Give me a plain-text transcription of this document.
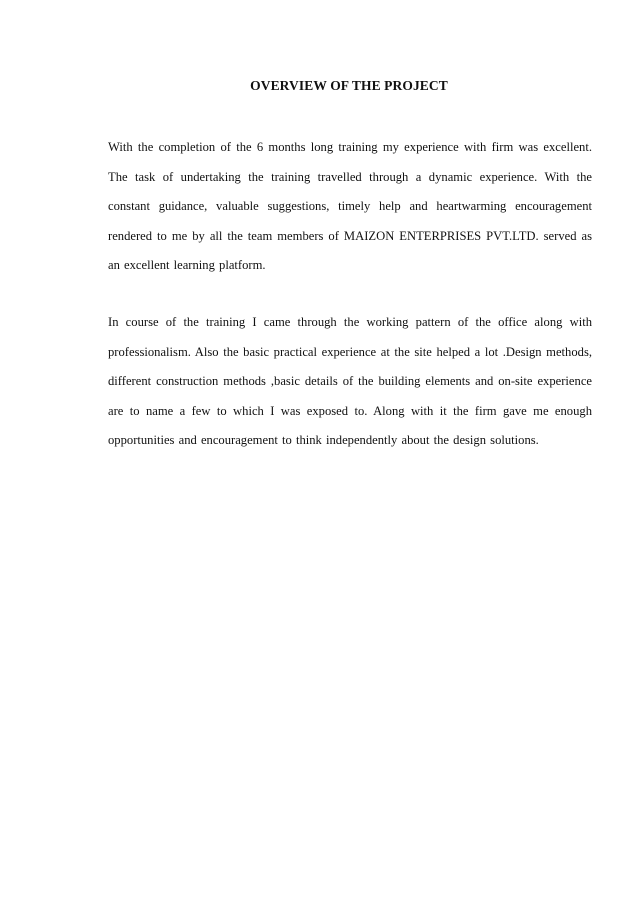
OVERVIEW OF THE PROJECT
With the completion of the 6 months long training my experience with firm was excellent.
The task of undertaking the training travelled through a dynamic experience. With the
constant guidance, valuable suggestions, timely help and heartwarming encouragement
rendered to me by all the team members of MAIZON ENTERPRISES PVT.LTD. served as
an excellent learning platform.
In course of the training I came through the working pattern of the office along with
professionalism. Also the basic practical experience at the site helped a lot .Design methods,
different construction methods ,basic details of the building elements and on-site experience
are to name a few to which I was exposed to. Along with it the firm gave me enough
opportunities and encouragement to think independently about the design solutions.
